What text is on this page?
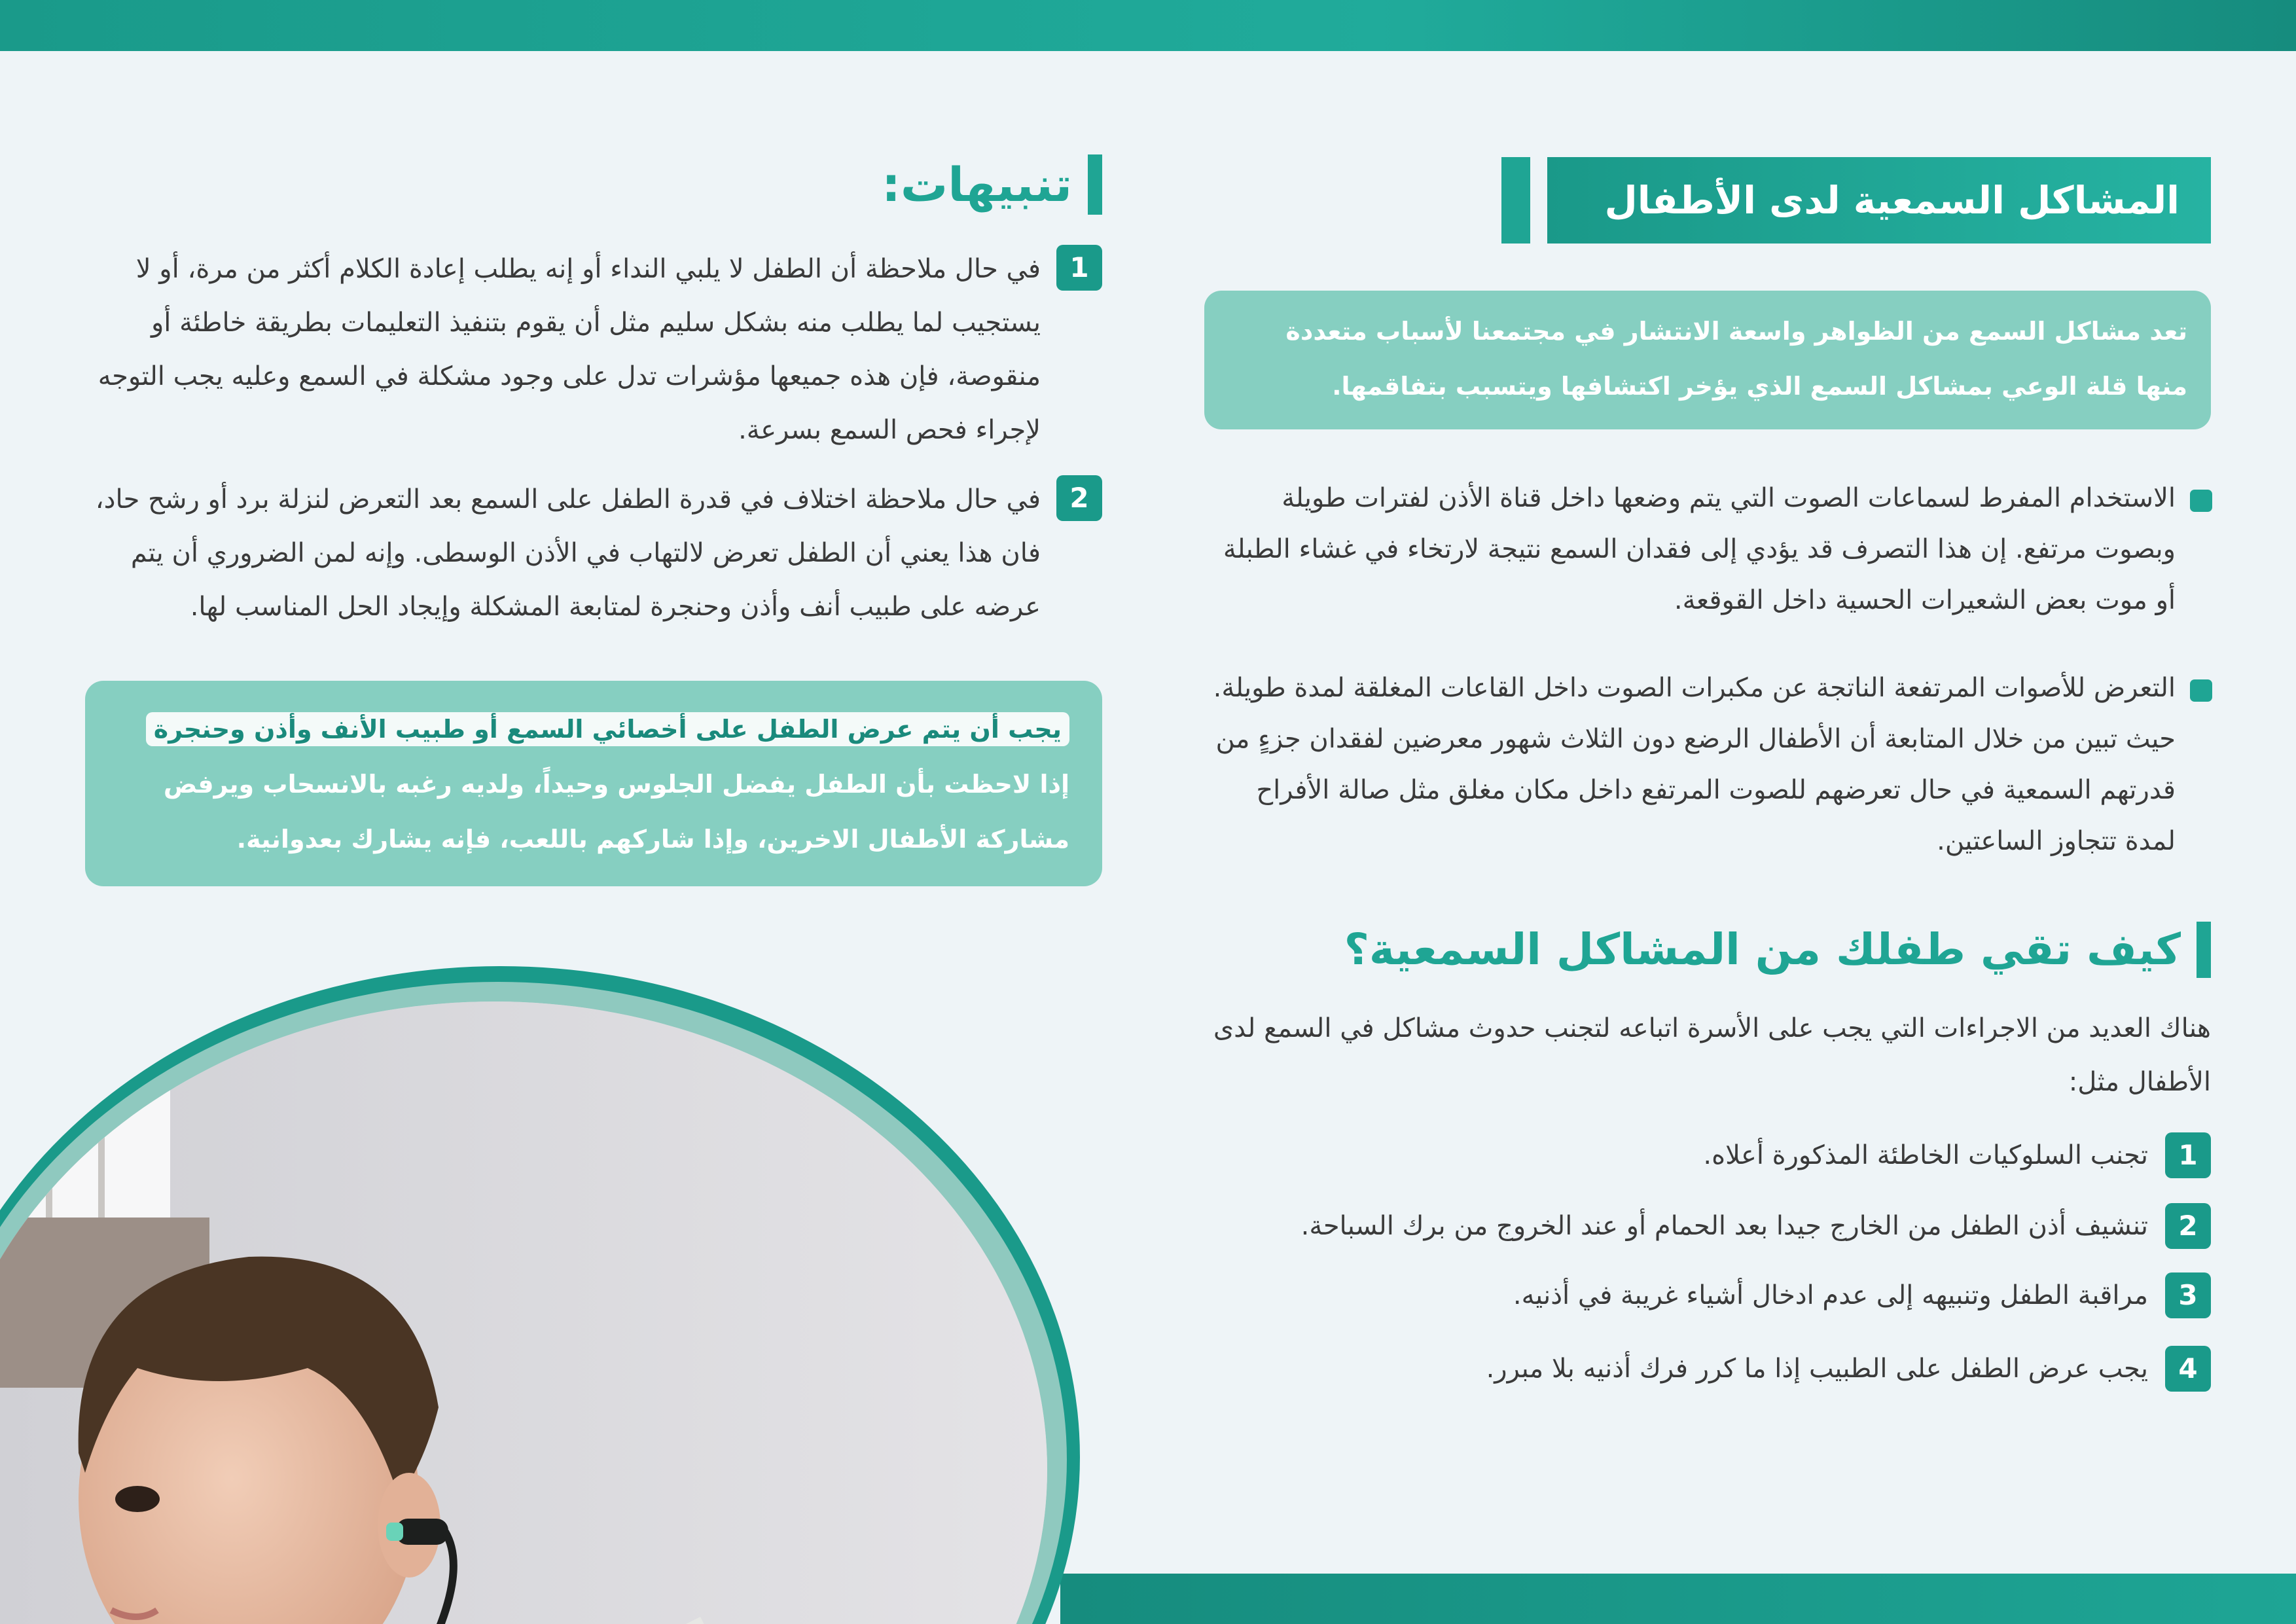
المشاكل السمعية لدى الأطفال
تعد مشاكل السمع من الظواهر واسعة الانتشار في مجتمعنا لأسباب متعددة منها قلة الوعي بمشاكل السمع الذي يؤخر اكتشافها ويتسبب بتفاقمها.
الاستخدام المفرط لسماعات الصوت التي يتم وضعها داخل قناة الأذن لفترات طويلة وبصوت مرتفع. إن هذا التصرف قد يؤدي إلى فقدان السمع نتيجة لارتخاء في غشاء الطبلة أو موت بعض الشعيرات الحسية داخل القوقعة.
التعرض للأصوات المرتفعة الناتجة عن مكبرات الصوت داخل القاعات المغلقة لمدة طويلة. حيث تبين من خلال المتابعة أن الأطفال الرضع دون الثلاث شهور معرضين لفقدان جزءٍ من قدرتهم السمعية في حال تعرضهم للصوت المرتفع داخل مكان مغلق مثل صالة الأفراح لمدة تتجاوز الساعتين.
كيف تقي طفلك من المشاكل السمعية؟
هناك العديد من الاجراءات التي يجب على الأسرة اتباعه لتجنب حدوث مشاكل في السمع لدى الأطفال مثل:
1
تجنب السلوكيات الخاطئة المذكورة أعلاه.
2
تنشيف أذن الطفل من الخارج جيدا بعد الحمام أو عند الخروج من برك السباحة.
3
مراقبة الطفل وتنبيهه إلى عدم ادخال أشياء غريبة في أذنيه.
4
يجب عرض الطفل على الطبيب إذا ما كرر فرك أذنيه بلا مبرر.
تنبيهات:
1
في حال ملاحظة أن الطفل لا يلبي النداء أو إنه يطلب إعادة الكلام أكثر من مرة، أو لا يستجيب لما يطلب منه بشكل سليم مثل أن يقوم بتنفيذ التعليمات بطريقة خاطئة أو منقوصة، فإن هذه جميعها مؤشرات تدل على وجود مشكلة في السمع وعليه يجب التوجه لإجراء فحص السمع بسرعة.
2
في حال ملاحظة اختلاف في قدرة الطفل على السمع بعد التعرض لنزلة برد أو رشح حاد، فان هذا يعني أن الطفل تعرض لالتهاب في الأذن الوسطى. وإنه لمن الضروري أن يتم عرضه على طبيب أنف وأذن وحنجرة لمتابعة المشكلة وإيجاد الحل المناسب لها.
يجب أن يتم عرض الطفل على أخصائي السمع أو طبيب الأنف وأذن وحنجرة إذا لاحظت بأن الطفل يفضل الجلوس وحيداً، ولديه رغبه بالانسحاب ويرفض مشاركة الأطفال الاخرين، وإذا شاركهم باللعب، فإنه يشارك بعدوانية.
